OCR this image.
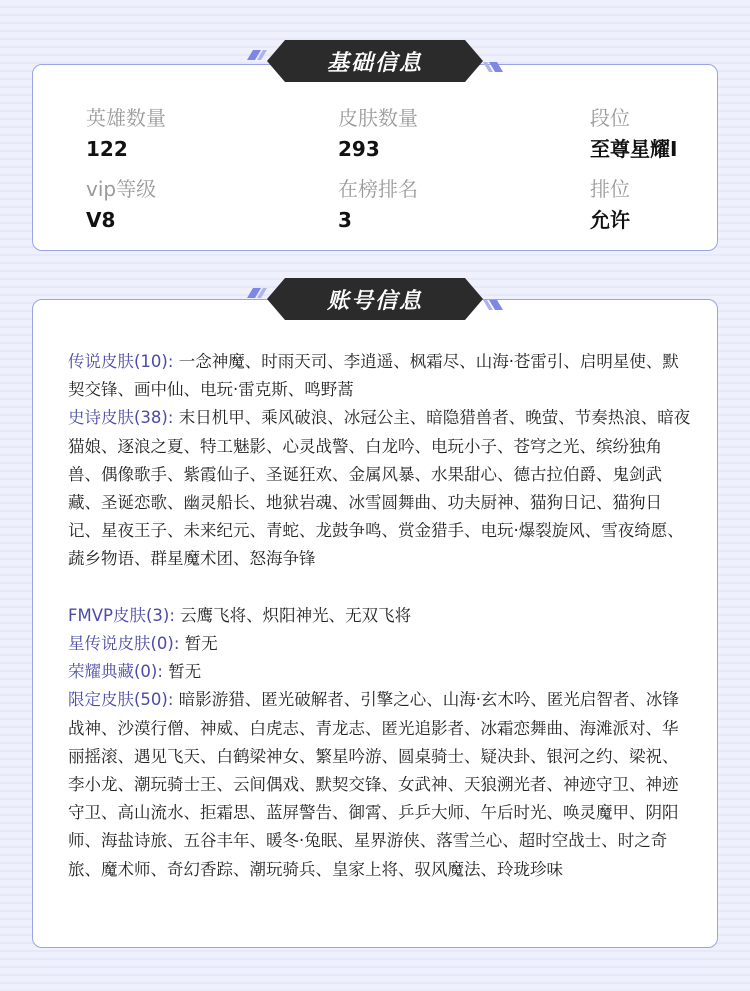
基础信息
英雄数量
122
皮肤数量
293
段位
至尊星耀I
vip等级
V8
在榜排名
3
排位
允许
账号信息
传说皮肤(10): 一念神魔、时雨天司、李逍遥、枫霜尽、山海·苍雷引、启明星使、默契交锋、画中仙、电玩·雷克斯、鸣野蒿
史诗皮肤(38): 末日机甲、乘风破浪、冰冠公主、暗隐猎兽者、晚萤、节奏热浪、暗夜猫娘、逐浪之夏、特工魅影、心灵战警、白龙吟、电玩小子、苍穹之光、缤纷独角兽、偶像歌手、紫霞仙子、圣诞狂欢、金属风暴、水果甜心、德古拉伯爵、鬼剑武藏、圣诞恋歌、幽灵船长、地狱岩魂、冰雪圆舞曲、功夫厨神、猫狗日记、猫狗日记、星夜王子、未来纪元、青蛇、龙鼓争鸣、赏金猎手、电玩·爆裂旋风、雪夜绮愿、蔬乡物语、群星魔术团、怒海争锋
FMVP皮肤(3): 云鹰飞将、炽阳神光、无双飞将
星传说皮肤(0): 暂无
荣耀典藏(0): 暂无
限定皮肤(50): 暗影游猎、匿光破解者、引擎之心、山海·玄木吟、匿光启智者、冰锋战神、沙漠行僧、神威、白虎志、青龙志、匿光追影者、冰霜恋舞曲、海滩派对、华丽摇滚、遇见飞天、白鹤梁神女、繁星吟游、圆桌骑士、疑决卦、银河之约、梁祝、李小龙、潮玩骑士王、云间偶戏、默契交锋、女武神、天狼溯光者、神迹守卫、神迹守卫、高山流水、拒霜思、蓝屏警告、御霄、乒乒大师、午后时光、唤灵魔甲、阴阳师、海盐诗旅、五谷丰年、暖冬·兔眠、星界游侠、落雪兰心、超时空战士、时之奇旅、魔术师、奇幻香踪、潮玩骑兵、皇家上将、驭风魔法、玲珑珍味
